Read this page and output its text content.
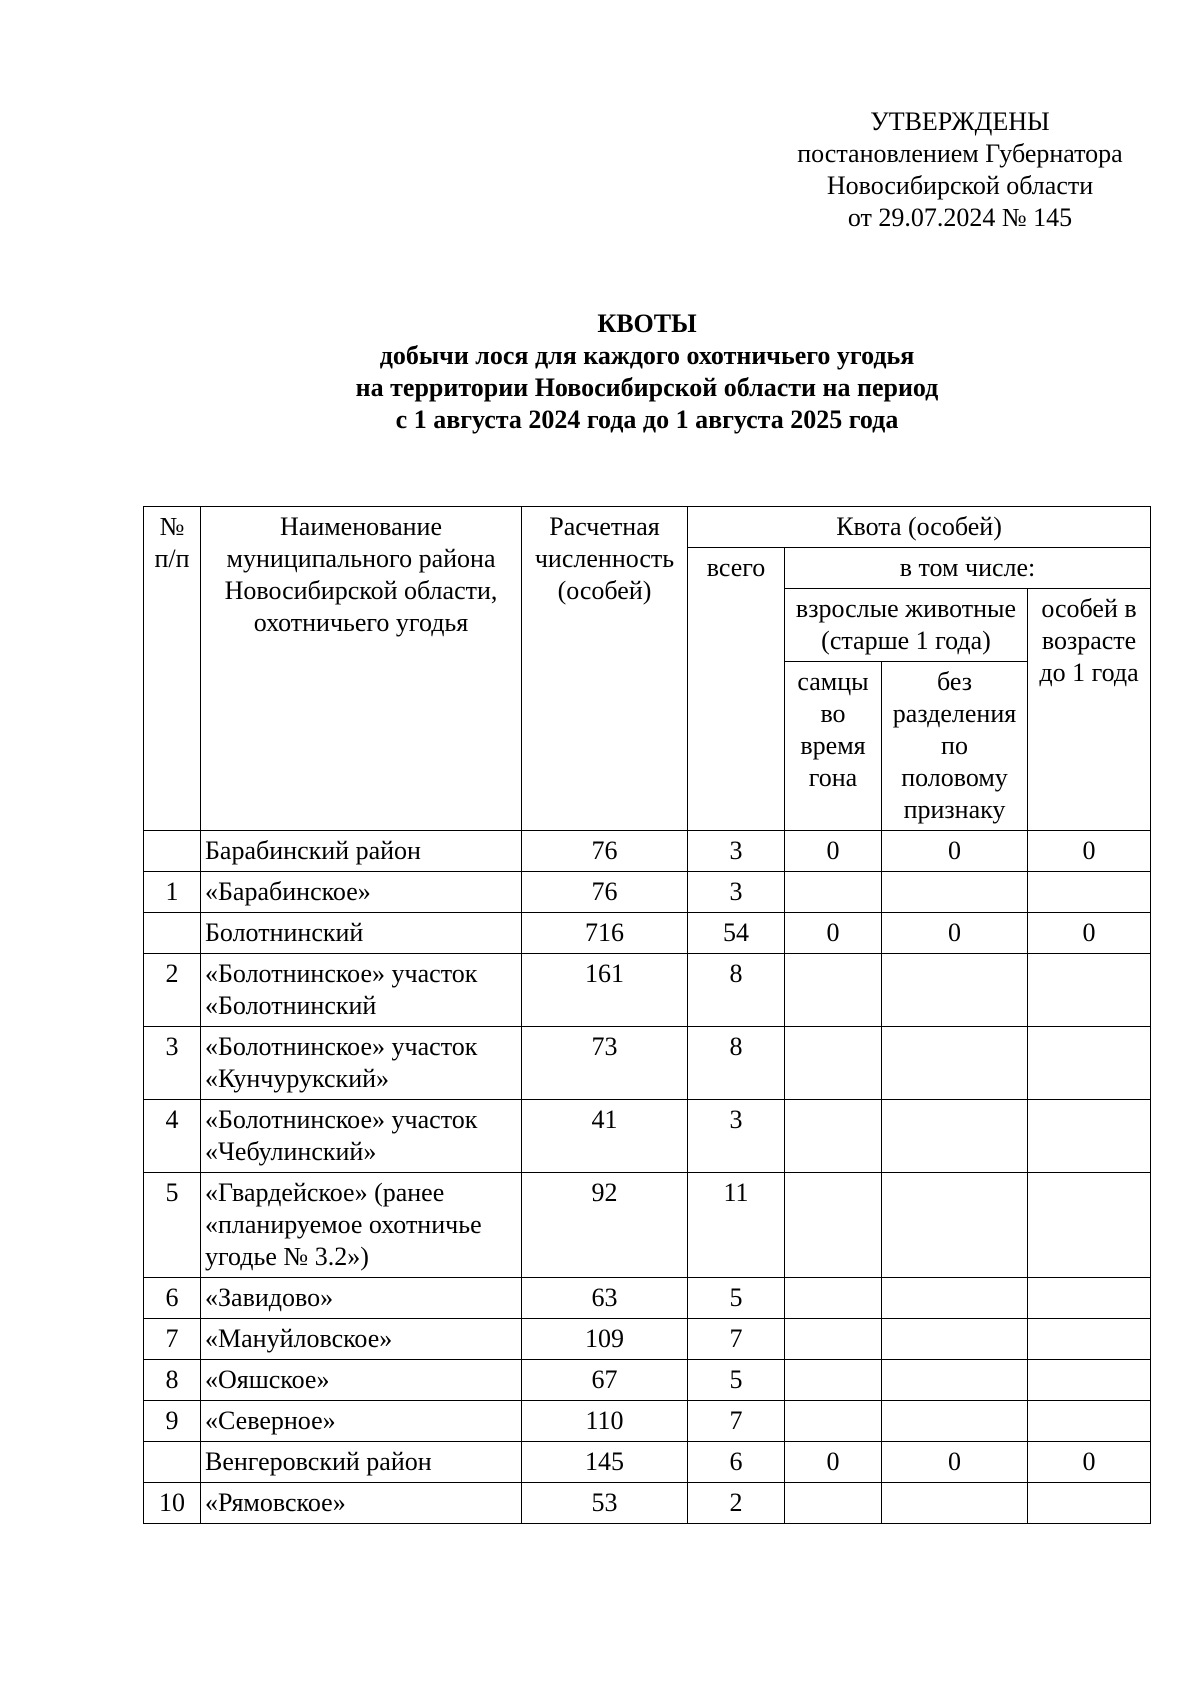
УТВЕРЖДЕНЫ
постановлением Губернатора
Новосибирской области
от 29.07.2024 № 145
КВОТЫ
добычи лося для каждого охотничьего угодья
на территории Новосибирской области на период
с 1 августа 2024 года до 1 августа 2025 года
№ п/п	Наименование муниципального района Новосибирской области, охотничьего угодья	Расчетная численность (особей)	Квота (особей)			
			всего	в том числе:		
				взрослые животные (старше 1 года)		особей в возрасте до 1 года
				самцы во время гона	без разделения по половому признаку	
	Барабинский район	76	3	0	0	0
1	«Барабинское»	76	3			
	Болотнинский	716	54	0	0	0
2	«Болотнинское» участок «Болотнинский	161	8			
3	«Болотнинское» участок «Кунчурукский»	73	8			
4	«Болотнинское» участок «Чебулинский»	41	3			
5	«Гвардейское» (ранее «планируемое охотничье угодье № 3.2»)	92	11			
6	«Завидово»	63	5			
7	«Мануйловское»	109	7			
8	«Ояшское»	67	5			
9	«Северное»	110	7			
	Венгеровский район	145	6	0	0	0
10	«Рямовское»	53	2			
